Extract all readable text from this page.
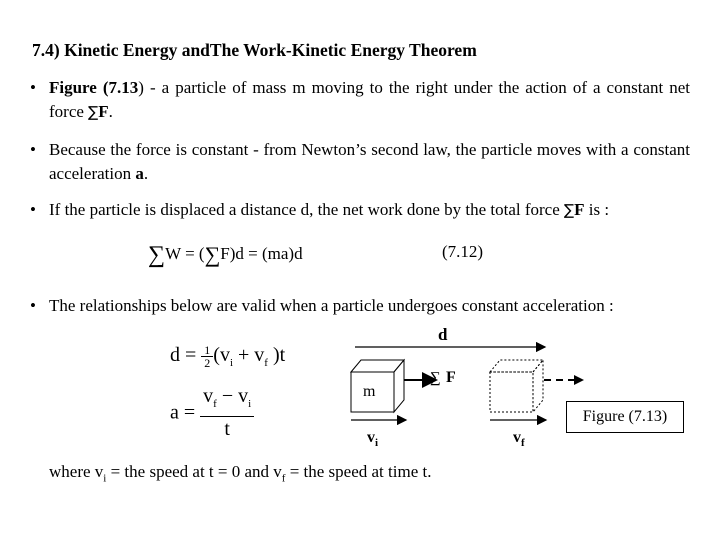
7.4) Kinetic Energy andThe Work-Kinetic Energy Theorem
• Figure (7.13) - a particle of mass m moving to the right under the action of a constant net force ∑F.
• Because the force is constant - from Newton’s second law, the particle moves with a constant acceleration a.
• If the particle is displaced a distance d, the net work done by the total force ∑F is :
∑W = (∑F)d = (ma)d	(7.12)
• The relationships below are valid when a particle undergoes constant acceleration :
$d = \frac{1}{2} (v_i + v_f$ )t
$a = \frac{v_f - v_i}{t}$
d
m
∑ F
$v_i$	$v_f$
Figure (7.13)
where $v_i$ = the speed at t = 0 and $v_f$ = the speed at time t.
